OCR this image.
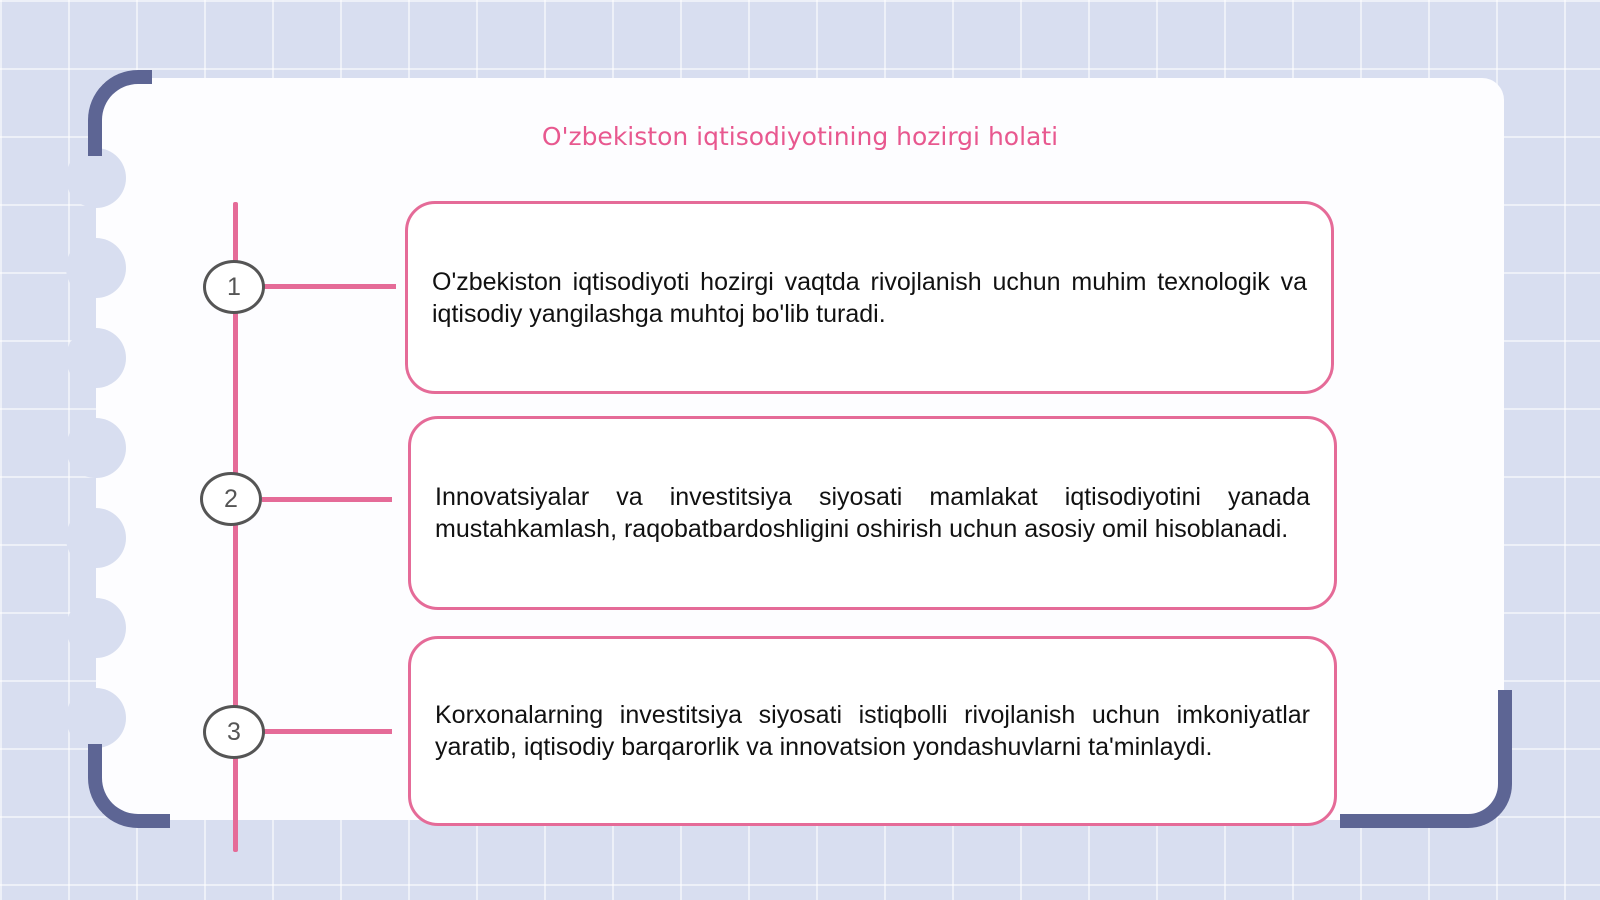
O'zbekiston iqtisodiyotining hozirgi holati
1	O'zbekiston iqtisodiyoti hozirgi vaqtda rivojlanish uchun muhim texnologik va iqtisodiy yangilashga muhtoj bo'lib turadi.
2	Innovatsiyalar va investitsiya siyosati mamlakat iqtisodiyotini yanada mustahkamlash, raqobatbardoshligini oshirish uchun asosiy omil hisoblanadi.
3
Korxonalarning investitsiya siyosati istiqbolli rivojlanish uchun imkoniyatlar yaratib, iqtisodiy barqarorlik va innovatsion yondashuvlarni ta'minlaydi.
